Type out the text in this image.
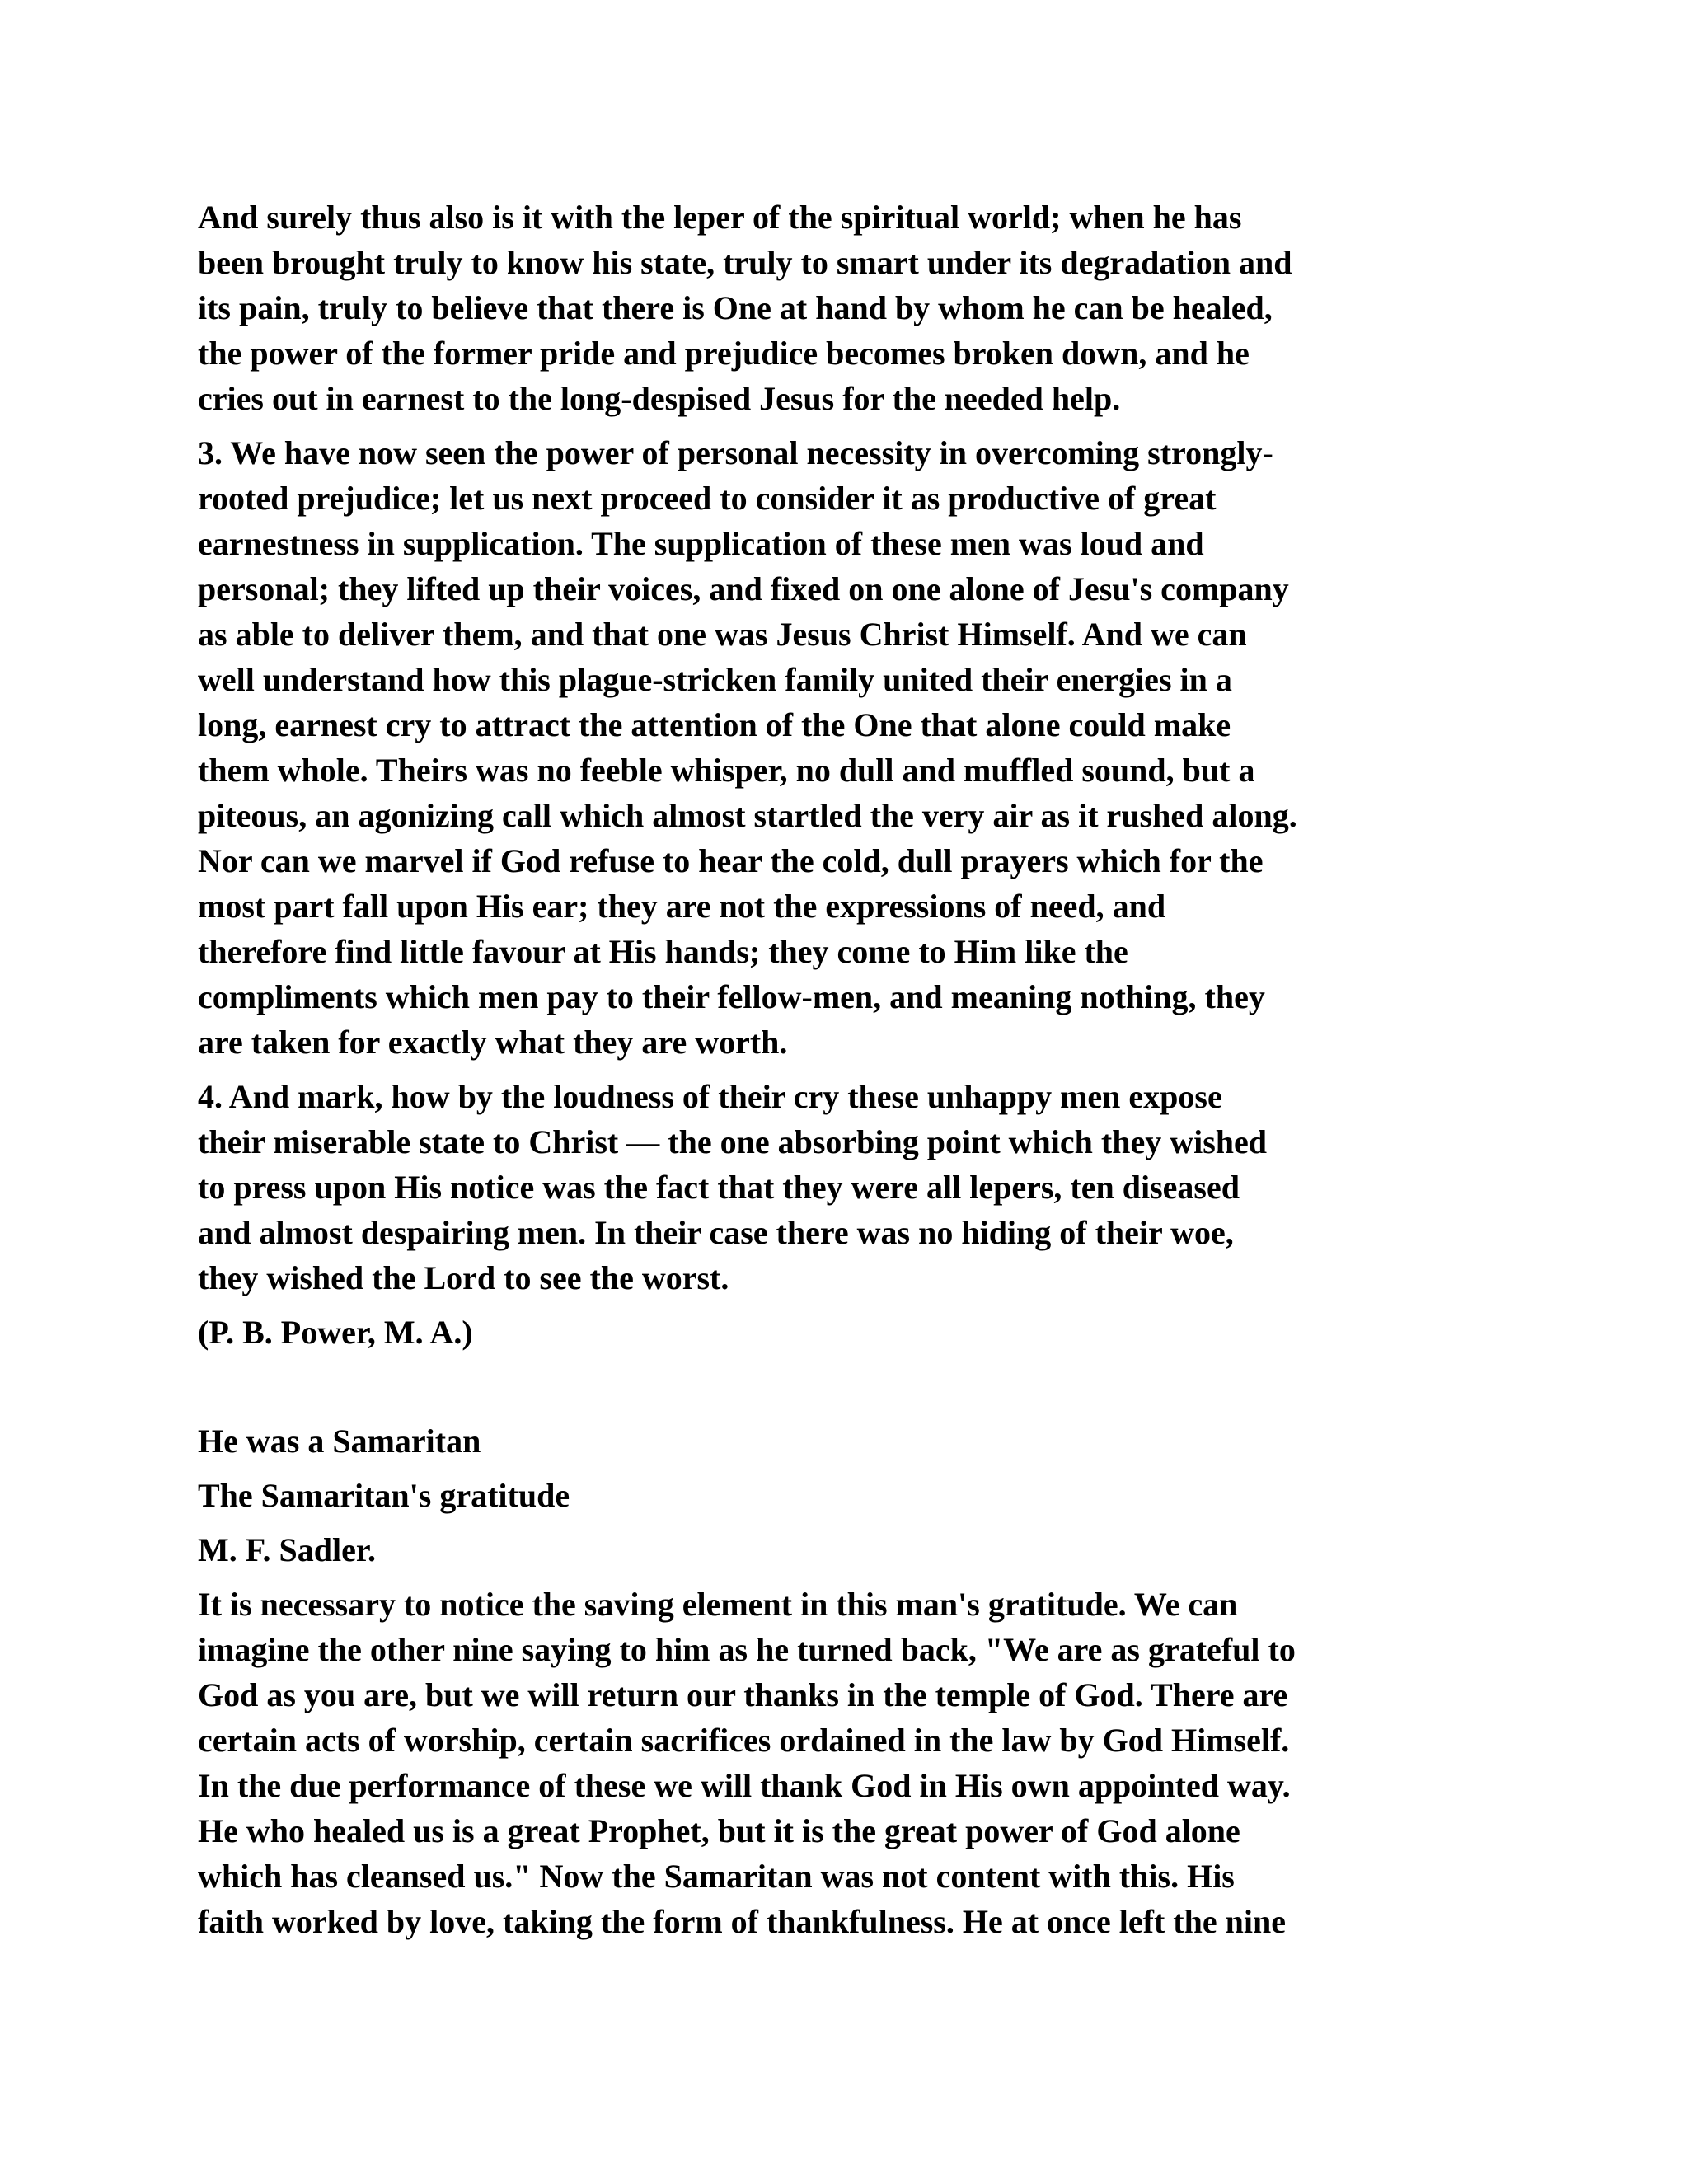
And surely thus also is it with the leper of the spiritual world; when he has
been brought truly to know his state, truly to smart under its degradation and
its pain, truly to believe that there is One at hand by whom he can be healed,
the power of the former pride and prejudice becomes broken down, and he
cries out in earnest to the long-despised Jesus for the needed help.
3. We have now seen the power of personal necessity in overcoming strongly-
rooted prejudice; let us next proceed to consider it as productive of great
earnestness in supplication. The supplication of these men was loud and
personal; they lifted up their voices, and fixed on one alone of Jesu's company
as able to deliver them, and that one was Jesus Christ Himself. And we can
well understand how this plague-stricken family united their energies in a
long, earnest cry to attract the attention of the One that alone could make
them whole. Theirs was no feeble whisper, no dull and muffled sound, but a
piteous, an agonizing call which almost startled the very air as it rushed along.
Nor can we marvel if God refuse to hear the cold, dull prayers which for the
most part fall upon His ear; they are not the expressions of need, and
therefore find little favour at His hands; they come to Him like the
compliments which men pay to their fellow-men, and meaning nothing, they
are taken for exactly what they are worth.
4. And mark, how by the loudness of their cry these unhappy men expose
their miserable state to Christ — the one absorbing point which they wished
to press upon His notice was the fact that they were all lepers, ten diseased
and almost despairing men. In their case there was no hiding of their woe,
they wished the Lord to see the worst.
(P. B. Power, M. A.)
He was a Samaritan
The Samaritan's gratitude
M. F. Sadler.
It is necessary to notice the saving element in this man's gratitude. We can
imagine the other nine saying to him as he turned back, "We are as grateful to
God as you are, but we will return our thanks in the temple of God. There are
certain acts of worship, certain sacrifices ordained in the law by God Himself.
In the due performance of these we will thank God in His own appointed way.
He who healed us is a great Prophet, but it is the great power of God alone
which has cleansed us." Now the Samaritan was not content with this. His
faith worked by love, taking the form of thankfulness. He at once left the nine
